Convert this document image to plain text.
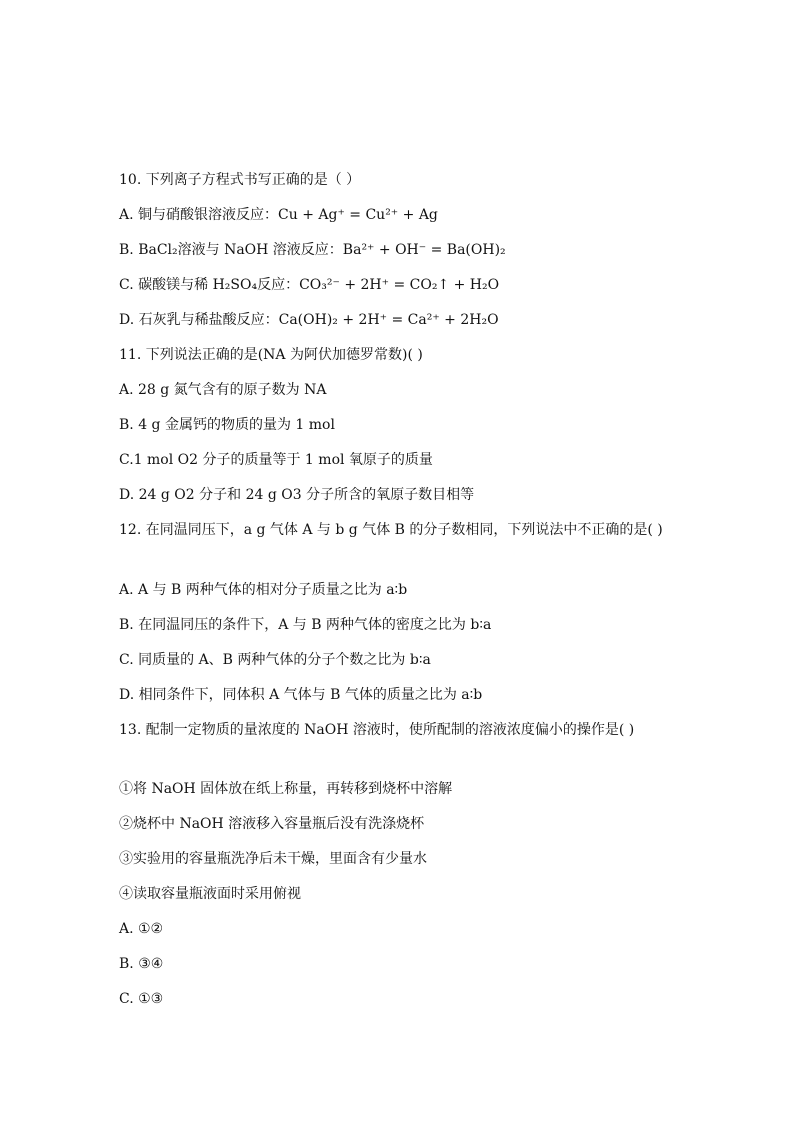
10. 下列离子方程式书写正确的是（ ）
A. 铜与硝酸银溶液反应：Cu + Ag⁺ = Cu²⁺ + Ag
B. BaCl₂溶液与 NaOH 溶液反应：Ba²⁺ + OH⁻ = Ba(OH)₂
C. 碳酸镁与稀 H₂SO₄反应：CO₃²⁻ + 2H⁺ = CO₂↑ + H₂O
D. 石灰乳与稀盐酸反应：Ca(OH)₂ + 2H⁺ = Ca²⁺ + 2H₂O
11. 下列说法正确的是(NA 为阿伏加德罗常数)( )
A. 28 g 氮气含有的原子数为 NA
B. 4 g 金属钙的物质的量为 1 mol
C.1 mol O2 分子的质量等于 1 mol 氧原子的质量
D. 24 g O2 分子和 24 g O3 分子所含的氧原子数目相等
12. 在同温同压下，a g 气体 A 与 b g 气体 B 的分子数相同，下列说法中不正确的是( )
A. A 与 B 两种气体的相对分子质量之比为 a∶b
B. 在同温同压的条件下，A 与 B 两种气体的密度之比为 b∶a
C. 同质量的 A、B 两种气体的分子个数之比为 b∶a
D. 相同条件下，同体积 A 气体与 B 气体的质量之比为 a∶b
13. 配制一定物质的量浓度的 NaOH 溶液时，使所配制的溶液浓度偏小的操作是( )
①将 NaOH 固体放在纸上称量，再转移到烧杯中溶解
②烧杯中 NaOH 溶液移入容量瓶后没有洗涤烧杯
③实验用的容量瓶洗净后未干燥，里面含有少量水
④读取容量瓶液面时采用俯视
A. ①②
B. ③④
C. ①③
